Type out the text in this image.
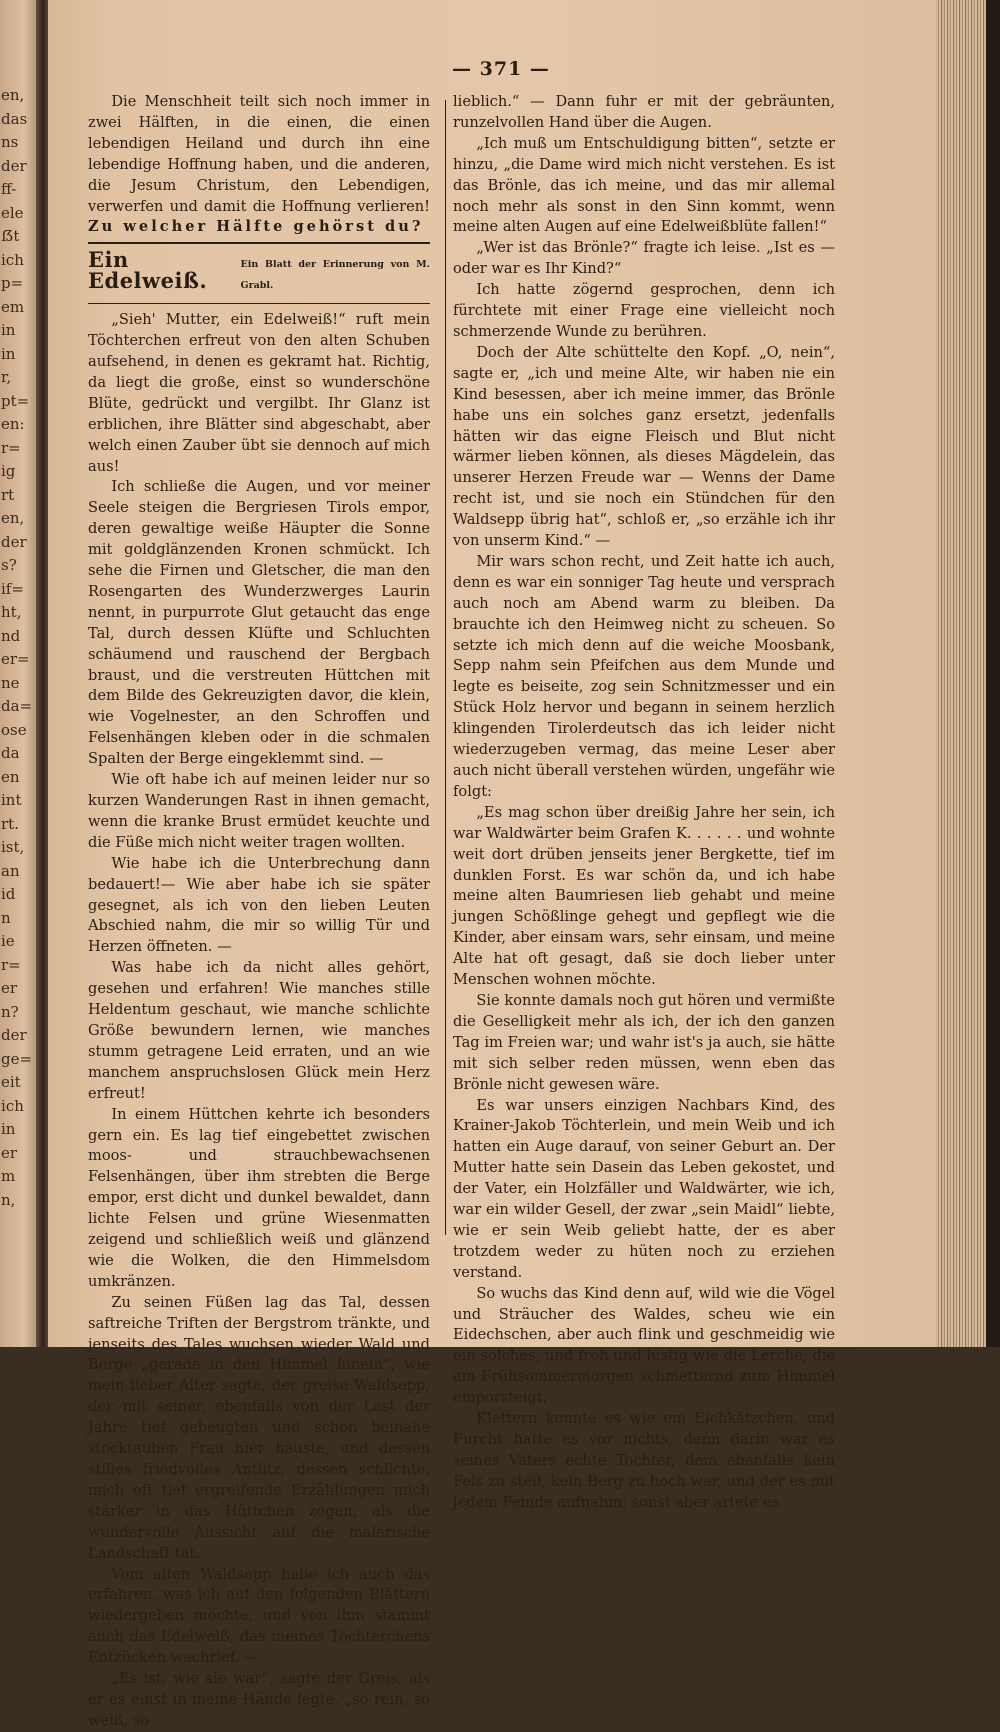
en,
das
ns
der
ff-
ele
ẞt
ich
p=
em
in
in
r,
pt=
en:
r=
ig
rt
en,
der
s?
if=
ht,
nd
er=
ne
da=
ose
da
en
int
rt.
ist,
an
id
n
ie
r=
er
n?
der
ge=
eit
ich
in
er
m
n,
— 371 —

Die Menschheit teilt sich noch immer in zwei Hälften, in die einen, die einen lebendigen Heiland und durch ihn eine lebendige Hoffnung haben, und die anderen, die Jesum Christum, den Lebendigen, verwerfen und damit die Hoffnung verlieren! Zu welcher Hälfte gehörst du?

Ein Edelweiß.
Ein Blatt der Erinnerung von M. Grabl.

„Sieh' Mutter, ein Edelweiß!“ ruft mein Töchterchen erfreut von den alten Schuben aufsehend, in denen es gekramt hat. Richtig, da liegt die große, einst so wunderschöne Blüte, gedrückt und vergilbt. Ihr Glanz ist erblichen, ihre Blätter sind abgeschabt, aber welch einen Zauber übt sie dennoch auf mich aus!

Ich schließe die Augen, und vor meiner Seele steigen die Bergriesen Tirols empor, deren gewaltige weiße Häupter die Sonne mit goldglänzenden Kronen schmückt. Ich sehe die Firnen und Gletscher, die man den Rosengarten des Wunderzwerges Laurin nennt, in purpurrote Glut getaucht das enge Tal, durch dessen Klüfte und Schluchten schäumend und rauschend der Bergbach braust, und die verstreuten Hüttchen mit dem Bilde des Gekreuzigten davor, die klein, wie Vogelnester, an den Schroffen und Felsenhängen kleben oder in die schmalen Spalten der Berge eingeklemmt sind. —

Wie oft habe ich auf meinen leider nur so kurzen Wanderungen Rast in ihnen gemacht, wenn die kranke Brust ermüdet keuchte und die Füße mich nicht weiter tragen wollten.

Wie habe ich die Unterbrechung dann bedauert!— Wie aber habe ich sie später gesegnet, als ich von den lieben Leuten Abschied nahm, die mir so willig Tür und Herzen öffneten. —

Was habe ich da nicht alles gehört, gesehen und erfahren! Wie manches stille Heldentum geschaut, wie manche schlichte Größe bewundern lernen, wie manches stumm getragene Leid erraten, und an wie manchem anspruchslosen Glück mein Herz erfreut!

In einem Hüttchen kehrte ich besonders gern ein. Es lag tief eingebettet zwischen moos- und strauchbewachsenen Felsenhängen, über ihm strebten die Berge empor, erst dicht und dunkel bewaldet, dann lichte Felsen und grüne Wiesenmatten zeigend und schließlich weiß und glänzend wie die Wolken, die den Himmelsdom umkränzen.

Zu seinen Füßen lag das Tal, dessen saftreiche Triften der Bergstrom tränkte, und jenseits des Tales wuchsen wieder Wald und Berge „gerade in den Himmel hinein“, wie mein lieber Alter sagte, der greise Waldsepp, der mit seiner, ebenfalls von der Last der Jahre tief gebeugten und schon beinahe stocktauben Frau hier hauste, und dessen stilles friedvolles Antlitz, dessen schlichte, mich oft tief ergreifende Erzählungen mich stärker in das Hüttchen zogen, als die wundervolle Aussicht auf die malerische Landschaft tat.

Vom alten Waldsepp habe ich auch das erfahren, was ich auf den folgenden Blättern wiedergeben möchte, und von ihm stammt auch das Edelweiß, das meines Töchterchens Entzücken wachrief. —

„Es ist, wie sie war“, sagte der Greis, als er es einst in meine Hände legte, „so rein, so weiß, so

lieblich.“ — Dann fuhr er mit der gebräunten, runzelvollen Hand über die Augen.

„Ich muß um Entschuldigung bitten“, setzte er hinzu, „die Dame wird mich nicht verstehen. Es ist das Brönle, das ich meine, und das mir allemal noch mehr als sonst in den Sinn kommt, wenn meine alten Augen auf eine Edelweißblüte fallen!“

„Wer ist das Brönle?“ fragte ich leise. „Ist es — oder war es Ihr Kind?“

Ich hatte zögernd gesprochen, denn ich fürchtete mit einer Frage eine vielleicht noch schmerzende Wunde zu berühren.

Doch der Alte schüttelte den Kopf. „O, nein“, sagte er, „ich und meine Alte, wir haben nie ein Kind besessen, aber ich meine immer, das Brönle habe uns ein solches ganz ersetzt, jedenfalls hätten wir das eigne Fleisch und Blut nicht wärmer lieben können, als dieses Mägdelein, das unserer Herzen Freude war — Wenns der Dame recht ist, und sie noch ein Stündchen für den Waldsepp übrig hat“, schloß er, „so erzähle ich ihr von unserm Kind.“ —

Mir wars schon recht, und Zeit hatte ich auch, denn es war ein sonniger Tag heute und versprach auch noch am Abend warm zu bleiben. Da brauchte ich den Heimweg nicht zu scheuen. So setzte ich mich denn auf die weiche Moosbank, Sepp nahm sein Pfeifchen aus dem Munde und legte es beiseite, zog sein Schnitzmesser und ein Stück Holz hervor und begann in seinem herzlich klingenden Tirolerdeutsch das ich leider nicht wiederzugeben vermag, das meine Leser aber auch nicht überall verstehen würden, ungefähr wie folgt:

„Es mag schon über dreißig Jahre her sein, ich war Waldwärter beim Grafen K. . . . . . und wohnte weit dort drüben jenseits jener Bergkette, tief im dunklen Forst. Es war schön da, und ich habe meine alten Baumriesen lieb gehabt und meine jungen Schößlinge gehegt und gepflegt wie die Kinder, aber einsam wars, sehr einsam, und meine Alte hat oft gesagt, daß sie doch lieber unter Menschen wohnen möchte.

Sie konnte damals noch gut hören und vermißte die Geselligkeit mehr als ich, der ich den ganzen Tag im Freien war; und wahr ist's ja auch, sie hätte mit sich selber reden müssen, wenn eben das Brönle nicht gewesen wäre.

Es war unsers einzigen Nachbars Kind, des Krainer-Jakob Töchterlein, und mein Weib und ich hatten ein Auge darauf, von seiner Geburt an. Der Mutter hatte sein Dasein das Leben gekostet, und der Vater, ein Holzfäller und Waldwärter, wie ich, war ein wilder Gesell, der zwar „sein Maidl“ liebte, wie er sein Weib geliebt hatte, der es aber trotzdem weder zu hüten noch zu erziehen verstand.

So wuchs das Kind denn auf, wild wie die Vögel und Sträucher des Waldes, scheu wie ein Eidechschen, aber auch flink und geschmeidig wie ein solches, und froh und lustig wie die Lerche, die am Frühsommermorgen schmetternd zum Himmel emporsteigt.

Klettern konnte es wie ein Eichkätzchen, und Furcht hatte es vor nichts, denn darin war es seines Vaters echte Tochter, dem ebenfalls kein Fels zu steil, kein Berg zu hoch war, und der es mit jedem Feinde aufnahm; sonst aber artete es
